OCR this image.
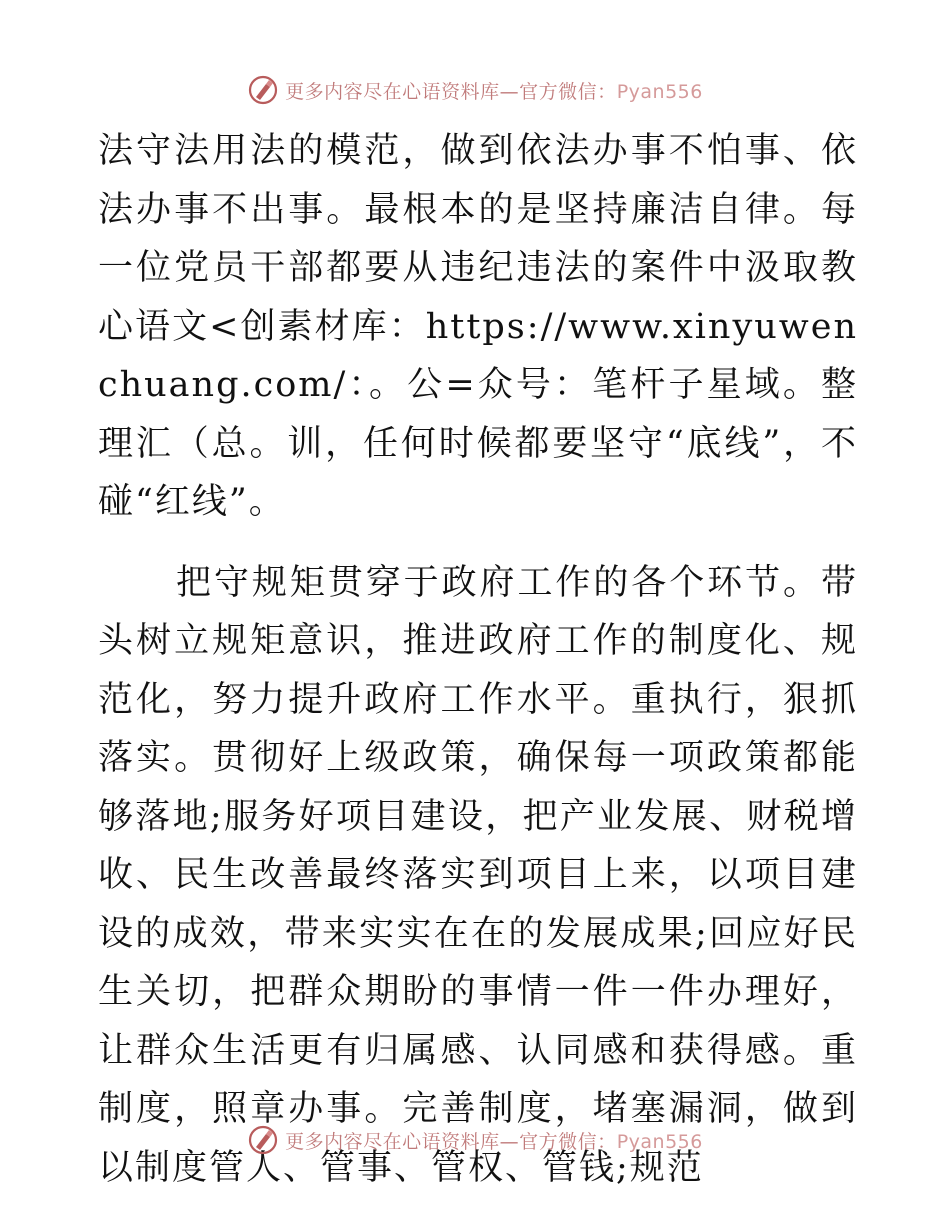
更多内容尽在心语资料库—官方微信：Pyan556

法守法用法的模范，做到依法办事不怕事、依法办事不出事。最根本的是坚持廉洁自律。每一位党员干部都要从违纪违法的案件中汲取教心语文<创素材库：https://www.xinyuwenchuang.com/：。公=众号：笔杆子星域。整理汇（总。训，任何时候都要坚守“底线”，不碰“红线”。

把守规矩贯穿于政府工作的各个环节。带头树立规矩意识，推进政府工作的制度化、规范化，努力提升政府工作水平。重执行，狠抓落实。贯彻好上级政策，确保每一项政策都能够落地;服务好项目建设，把产业发展、财税增收、民生改善最终落实到项目上来，以项目建设的成效，带来实实在在的发展成果;回应好民生关切，把群众期盼的事情一件一件办理好，让群众生活更有归属感、认同感和获得感。重制度，照章办事。完善制度，堵塞漏洞，做到以制度管人、管事、管权、管钱;规范

更多内容尽在心语资料库—官方微信：Pyan556
